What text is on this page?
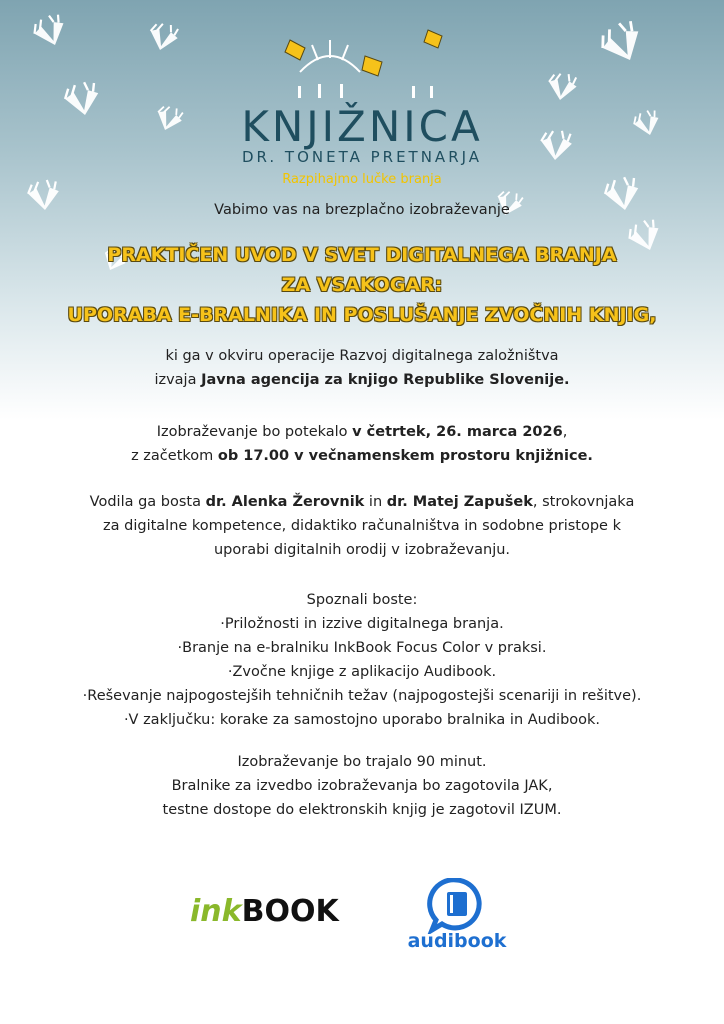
KNJIŽNICA
DR. TONETA PRETNARJA
Razpihajmo lučke branja
Vabimo vas na brezplačno izobraževanje
PRAKTIČEN UVOD V SVET DIGITALNEGA BRANJA
ZA VSAKOGAR:
UPORABA E-BRALNIKA IN POSLUŠANJE ZVOČNIH KNJIG,
ki ga v okviru operacije Razvoj digitalnega založništva
izvaja Javna agencija za knjigo Republike Slovenije.
Izobraževanje bo potekalo v četrtek, 26. marca 2026,
z začetkom ob 17.00 v večnamenskem prostoru knjižnice.
Vodila ga bosta dr. Alenka Žerovnik in dr. Matej Zapušek, strokovnjaka
za digitalne kompetence, didaktiko računalništva in sodobne pristope k
uporabi digitalnih orodij v izobraževanju.
Spoznali boste:
·Priložnosti in izzive digitalnega branja.
·Branje na e-bralniku InkBook Focus Color v praksi.
·Zvočne knjige z aplikacijo Audibook.
·Reševanje najpogostejših tehničnih težav (najpogostejši scenariji in rešitve).
·V zaključku: korake za samostojno uporabo bralnika in Audibook.
Izobraževanje bo trajalo 90 minut.
Bralnike za izvedbo izobraževanja bo zagotovila JAK,
testne dostope do elektronskih knjig je zagotovil IZUM.
inkBOOK
audibook
